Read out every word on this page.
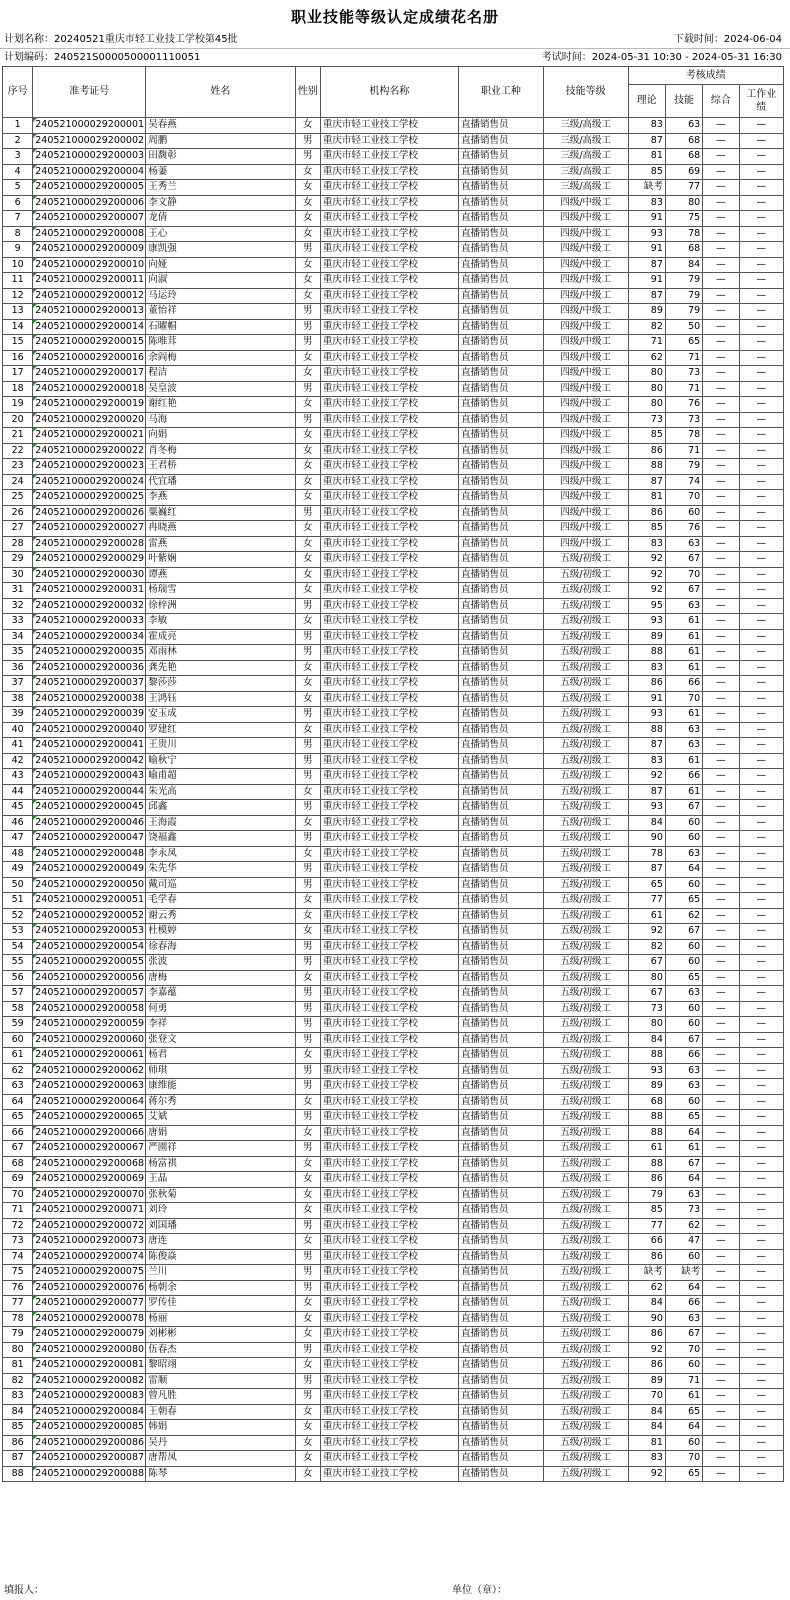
职业技能等级认定成绩花名册
计划名称：20240521重庆市轻工业技工学校第45批	下载时间：2024-06-04
计划编码：240521S0000500001110051	考试时间：2024-05-31 10:30 - 2024-05-31 16:30
序号	准考证号	姓名	性别	机构名称	职业工种	技能等级	考核成绩			
							理论	技能	综合	工作业绩
1	240521000029200001	吴春燕	女	重庆市轻工业技工学校	直播销售员	三级/高级工	83	63	—	—
2	240521000029200002	周鹏	男	重庆市轻工业技工学校	直播销售员	三级/高级工	87	68	—	—
3	240521000029200003	田馥彰	男	重庆市轻工业技工学校	直播销售员	三级/高级工	81	68	—	—
4	240521000029200004	杨萋	女	重庆市轻工业技工学校	直播销售员	三级/高级工	85	69	—	—
5	240521000029200005	王秀兰	女	重庆市轻工业技工学校	直播销售员	三级/高级工	缺考	77	—	—
6	240521000029200006	李文静	女	重庆市轻工业技工学校	直播销售员	四级/中级工	83	80	—	—
7	240521000029200007	龙倩	女	重庆市轻工业技工学校	直播销售员	四级/中级工	91	75	—	—
8	240521000029200008	王心	女	重庆市轻工业技工学校	直播销售员	四级/中级工	93	78	—	—
9	240521000029200009	康凯强	男	重庆市轻工业技工学校	直播销售员	四级/中级工	91	68	—	—
10	240521000029200010	向娅	女	重庆市轻工业技工学校	直播销售员	四级/中级工	87	84	—	—
11	240521000029200011	向淑	女	重庆市轻工业技工学校	直播销售员	四级/中级工	91	79	—	—
12	240521000029200012	马运玲	女	重庆市轻工业技工学校	直播销售员	四级/中级工	87	79	—	—
13	240521000029200013	董怡祥	男	重庆市轻工业技工学校	直播销售员	四级/中级工	89	79	—	—
14	240521000029200014	石曜帽	男	重庆市轻工业技工学校	直播销售员	四级/中级工	82	50	—	—
15	240521000029200015	陈唯茸	男	重庆市轻工业技工学校	直播销售员	四级/中级工	71	65	—	—
16	240521000029200016	余阎梅	女	重庆市轻工业技工学校	直播销售员	四级/中级工	62	71	—	—
17	240521000029200017	程洁	女	重庆市轻工业技工学校	直播销售员	四级/中级工	80	73	—	—
18	240521000029200018	吴皇波	男	重庆市轻工业技工学校	直播销售员	四级/中级工	80	71	—	—
19	240521000029200019	谢红艳	女	重庆市轻工业技工学校	直播销售员	四级/中级工	80	76	—	—
20	240521000029200020	马海	男	重庆市轻工业技工学校	直播销售员	四级/中级工	73	73	—	—
21	240521000029200021	向娟	女	重庆市轻工业技工学校	直播销售员	四级/中级工	85	78	—	—
22	240521000029200022	肖冬梅	女	重庆市轻工业技工学校	直播销售员	四级/中级工	86	71	—	—
23	240521000029200023	王君桥	女	重庆市轻工业技工学校	直播销售员	四级/中级工	88	79	—	—
24	240521000029200024	代宜璠	女	重庆市轻工业技工学校	直播销售员	四级/中级工	87	74	—	—
25	240521000029200025	李燕	女	重庆市轻工业技工学校	直播销售员	四级/中级工	81	70	—	—
26	240521000029200026	粟巍红	男	重庆市轻工业技工学校	直播销售员	四级/中级工	86	60	—	—
27	240521000029200027	冉晓燕	女	重庆市轻工业技工学校	直播销售员	四级/中级工	85	76	—	—
28	240521000029200028	雷燕	女	重庆市轻工业技工学校	直播销售员	四级/中级工	83	63	—	—
29	240521000029200029	叶紫娴	女	重庆市轻工业技工学校	直播销售员	五级/初级工	92	67	—	—
30	240521000029200030	谭燕	女	重庆市轻工业技工学校	直播销售员	五级/初级工	92	70	—	—
31	240521000029200031	杨瑞雪	女	重庆市轻工业技工学校	直播销售员	五级/初级工	92	67	—	—
32	240521000029200032	徐梓洲	男	重庆市轻工业技工学校	直播销售员	五级/初级工	95	63	—	—
33	240521000029200033	李敏	女	重庆市轻工业技工学校	直播销售员	五级/初级工	93	61	—	—
34	240521000029200034	霍成亮	男	重庆市轻工业技工学校	直播销售员	五级/初级工	89	61	—	—
35	240521000029200035	邓雨林	男	重庆市轻工业技工学校	直播销售员	五级/初级工	88	61	—	—
36	240521000029200036	龚先艳	女	重庆市轻工业技工学校	直播销售员	五级/初级工	83	61	—	—
37	240521000029200037	黎莎莎	女	重庆市轻工业技工学校	直播销售员	五级/初级工	86	66	—	—
38	240521000029200038	王鸿钰	女	重庆市轻工业技工学校	直播销售员	五级/初级工	91	70	—	—
39	240521000029200039	安玉成	男	重庆市轻工业技工学校	直播销售员	五级/初级工	93	61	—	—
40	240521000029200040	罗建红	女	重庆市轻工业技工学校	直播销售员	五级/初级工	88	63	—	—
41	240521000029200041	王贵川	男	重庆市轻工业技工学校	直播销售员	五级/初级工	87	63	—	—
42	240521000029200042	喻秋宁	男	重庆市轻工业技工学校	直播销售员	五级/初级工	83	61	—	—
43	240521000029200043	喻甫超	男	重庆市轻工业技工学校	直播销售员	五级/初级工	92	66	—	—
44	240521000029200044	朱光高	女	重庆市轻工业技工学校	直播销售员	五级/初级工	87	61	—	—
45	240521000029200045	邱鑫	男	重庆市轻工业技工学校	直播销售员	五级/初级工	93	67	—	—
46	240521000029200046	王海霞	女	重庆市轻工业技工学校	直播销售员	五级/初级工	84	60	—	—
47	240521000029200047	饶福鑫	男	重庆市轻工业技工学校	直播销售员	五级/初级工	90	60	—	—
48	240521000029200048	李永凤	女	重庆市轻工业技工学校	直播销售员	五级/初级工	78	63	—	—
49	240521000029200049	朱先华	男	重庆市轻工业技工学校	直播销售员	五级/初级工	87	64	—	—
50	240521000029200050	戴司巡	男	重庆市轻工业技工学校	直播销售员	五级/初级工	65	60	—	—
51	240521000029200051	毛学春	女	重庆市轻工业技工学校	直播销售员	五级/初级工	77	65	—	—
52	240521000029200052	谢云秀	女	重庆市轻工业技工学校	直播销售员	五级/初级工	61	62	—	—
53	240521000029200053	杜模婷	女	重庆市轻工业技工学校	直播销售员	五级/初级工	92	67	—	—
54	240521000029200054	徐春海	男	重庆市轻工业技工学校	直播销售员	五级/初级工	82	60	—	—
55	240521000029200055	张波	男	重庆市轻工业技工学校	直播销售员	五级/初级工	67	60	—	—
56	240521000029200056	唐梅	女	重庆市轻工业技工学校	直播销售员	五级/初级工	80	65	—	—
57	240521000029200057	李嘉蕴	男	重庆市轻工业技工学校	直播销售员	五级/初级工	67	63	—	—
58	240521000029200058	何勇	男	重庆市轻工业技工学校	直播销售员	五级/初级工	73	60	—	—
59	240521000029200059	李祥	男	重庆市轻工业技工学校	直播销售员	五级/初级工	80	60	—	—
60	240521000029200060	张登文	男	重庆市轻工业技工学校	直播销售员	五级/初级工	84	67	—	—
61	240521000029200061	杨君	女	重庆市轻工业技工学校	直播销售员	五级/初级工	88	66	—	—
62	240521000029200062	师琪	男	重庆市轻工业技工学校	直播销售员	五级/初级工	93	63	—	—
63	240521000029200063	康维能	男	重庆市轻工业技工学校	直播销售员	五级/初级工	89	63	—	—
64	240521000029200064	蒋尔秀	女	重庆市轻工业技工学校	直播销售员	五级/初级工	68	60	—	—
65	240521000029200065	艾斌	男	重庆市轻工业技工学校	直播销售员	五级/初级工	88	65	—	—
66	240521000029200066	唐娟	女	重庆市轻工业技工学校	直播销售员	五级/初级工	88	64	—	—
67	240521000029200067	严園祥	男	重庆市轻工业技工学校	直播销售员	五级/初级工	61	61	—	—
68	240521000029200068	杨富祺	女	重庆市轻工业技工学校	直播销售员	五级/初级工	88	67	—	—
69	240521000029200069	王晶	女	重庆市轻工业技工学校	直播销售员	五级/初级工	86	64	—	—
70	240521000029200070	张秋菊	女	重庆市轻工业技工学校	直播销售员	五级/初级工	79	63	—	—
71	240521000029200071	刘玲	女	重庆市轻工业技工学校	直播销售员	五级/初级工	85	73	—	—
72	240521000029200072	刘国璠	男	重庆市轻工业技工学校	直播销售员	五级/初级工	77	62	—	—
73	240521000029200073	唐连	女	重庆市轻工业技工学校	直播销售员	五级/初级工	66	47	—	—
74	240521000029200074	陈俊焱	男	重庆市轻工业技工学校	直播销售员	五级/初级工	86	60	—	—
75	240521000029200075	兰川	男	重庆市轻工业技工学校	直播销售员	五级/初级工	缺考	缺考	—	—
76	240521000029200076	杨朝余	男	重庆市轻工业技工学校	直播销售员	五级/初级工	62	64	—	—
77	240521000029200077	罗传佳	女	重庆市轻工业技工学校	直播销售员	五级/初级工	84	66	—	—
78	240521000029200078	杨丽	女	重庆市轻工业技工学校	直播销售员	五级/初级工	90	63	—	—
79	240521000029200079	刘彬彬	女	重庆市轻工业技工学校	直播销售员	五级/初级工	86	67	—	—
80	240521000029200080	伍春杰	男	重庆市轻工业技工学校	直播销售员	五级/初级工	92	70	—	—
81	240521000029200081	黎昭翊	女	重庆市轻工业技工学校	直播销售员	五级/初级工	86	60	—	—
82	240521000029200082	雷顺	男	重庆市轻工业技工学校	直播销售员	五级/初级工	89	71	—	—
83	240521000029200083	曾凡胜	男	重庆市轻工业技工学校	直播销售员	五级/初级工	70	61	—	—
84	240521000029200084	王朝春	女	重庆市轻工业技工学校	直播销售员	五级/初级工	84	65	—	—
85	240521000029200085	韩娟	女	重庆市轻工业技工学校	直播销售员	五级/初级工	84	64	—	—
86	240521000029200086	吴丹	女	重庆市轻工业技工学校	直播销售员	五级/初级工	81	60	—	—
87	240521000029200087	唐帮凤	女	重庆市轻工业技工学校	直播销售员	五级/初级工	83	70	—	—
88	240521000029200088	陈琴	女	重庆市轻工业技工学校	直播销售员	五级/初级工	92	65	—	—
填报人：	单位（章）：
